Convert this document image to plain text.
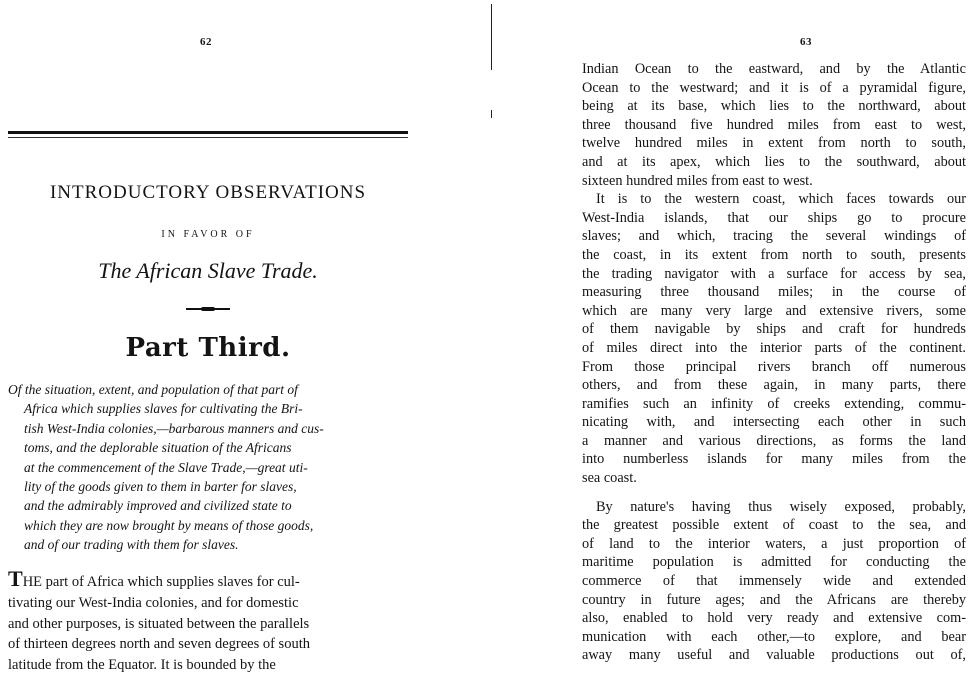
62
INTRODUCTORY OBSERVATIONS
IN FAVOR OF
The African Slave Trade.
Part Third.
Of the situation, extent, and population of that part of
Africa which supplies slaves for cultivating the Bri-
tish West-India colonies,—barbarous manners and cus-
toms, and the deplorable situation of the Africans
at the commencement of the Slave Trade,—great uti-
lity of the goods given to them in barter for slaves,
and the admirably improved and civilized state to
which they are now brought by means of those goods,
and of our trading with them for slaves.
THE part of Africa which supplies slaves for cul-
tivating our West-India colonies, and for domestic
and other purposes, is situated between the parallels
of thirteen degrees north and seven degrees of south
latitude from the Equator. It is bounded by the
63
Indian Ocean to the eastward, and by the Atlantic
Ocean to the westward; and it is of a pyramidal figure,
being at its base, which lies to the northward, about
three thousand five hundred miles from east to west,
twelve hundred miles in extent from north to south,
and at its apex, which lies to the southward, about
sixteen hundred miles from east to west.
It is to the western coast, which faces towards our
West-India islands, that our ships go to procure
slaves; and which, tracing the several windings of
the coast, in its extent from north to south, presents
the trading navigator with a surface for access by sea,
measuring three thousand miles; in the course of
which are many very large and extensive rivers, some
of them navigable by ships and craft for hundreds
of miles direct into the interior parts of the continent.
From those principal rivers branch off numerous
others, and from these again, in many parts, there
ramifies such an infinity of creeks extending, commu-
nicating with, and intersecting each other in such
a manner and various directions, as forms the land
into numberless islands for many miles from the
sea coast.
By nature's having thus wisely exposed, probably,
the greatest possible extent of coast to the sea, and
of land to the interior waters, a just proportion of
maritime population is admitted for conducting the
commerce of that immensely wide and extended
country in future ages; and the Africans are thereby
also, enabled to hold very ready and extensive com-
munication with each other,—to explore, and bear
away many useful and valuable productions out of,
